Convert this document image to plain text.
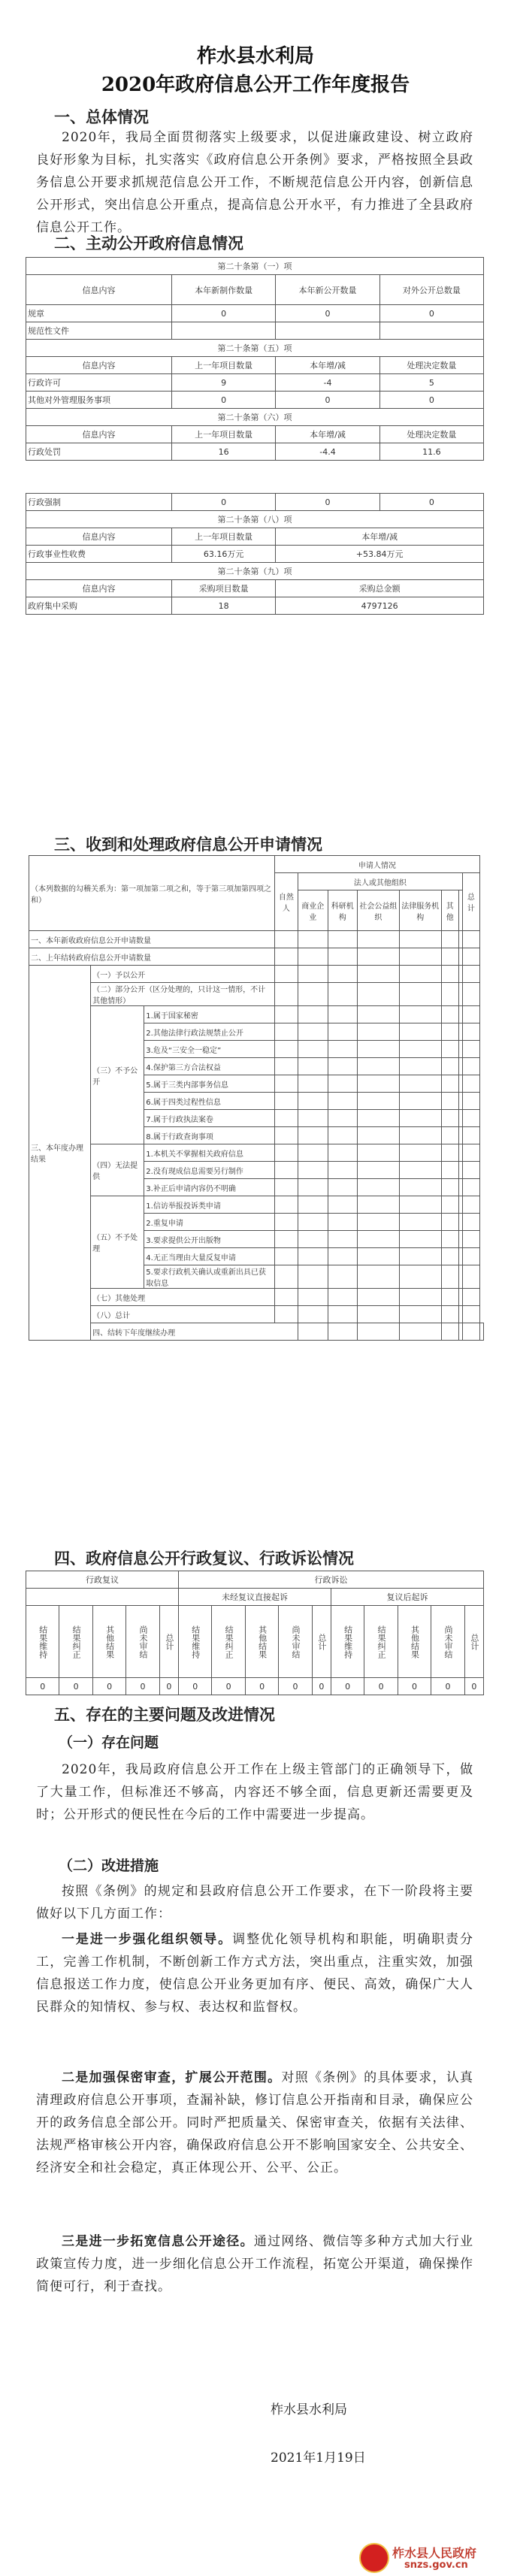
柞水县水利局
2020年政府信息公开工作年度报告
一、总体情况
2020年，我局全面贯彻落实上级要求，以促进廉政建设、树立政府良好形象为目标，扎实落实《政府信息公开条例》要求，严格按照全县政务信息公开要求抓规范信息公开工作，不断规范信息公开内容，创新信息公开形式，突出信息公开重点，提高信息公开水平，有力推进了全县政府信息公开工作。
二、主动公开政府信息情况
第二十条第（一）项			
信息内容	本年新制作数量	本年新公开数量	对外公开总数量
规章	0	0	0
规范性文件			
第二十条第（五）项			
信息内容	上一年项目数量	本年增/减	处理决定数量
行政许可	9	-4	5
其他对外管理服务事项	0	0	0
第二十条第（六）项			
信息内容	上一年项目数量	本年增/减	处理决定数量
行政处罚	16	-4.4	11.6

行政强制	0	0	0
第二十条第（八）项			
信息内容	上一年项目数量	本年增/减	
行政事业性收费	63.16万元	+53.84万元	
第二十条第（九）项			
信息内容	采购项目数量	采购总金额	
政府集中采购	18	4797126	
三、收到和处理政府信息公开申请情况
（本列数据的勾稽关系为：第一项加第二项之和，等于第三项加第四项之和）			申请人情况								
			自然人	法人或其他组织						总计	
				商业企业	科研机构	社会公益组织	法律服务机构	其他			
一、本年新收政府信息公开申请数量											
二、上年结转政府信息公开申请数量											
三、本年度办理结果	（一）予以公开										
	（二）部分公开（区分处理的，只计这一情形，不计其他情形）										
	（三）不予公开	1.属于国家秘密									
		2.其他法律行政法规禁止公开									
		3.危及“三安全一稳定”									
		4.保护第三方合法权益									
		5.属于三类内部事务信息									
		6.属于四类过程性信息									
		7.属于行政执法案卷									
		8.属于行政查询事项									
	（四）无法提供	1.本机关不掌握相关政府信息									
		2.没有现成信息需要另行制作									
		3.补正后申请内容仍不明确									
	（五）不予处理	1.信访举报投诉类申请									
		2.重复申请									
		3.要求提供公开出版物									
		4.无正当理由大量反复申请									
		5.要求行政机关确认或重新出具已获取信息									
	（七）其他处理										
	（八）总计										
	四、结转下年度继续办理										
四、政府信息公开行政复议、行政诉讼情况
行政复议					行政诉讼									
					未经复议直接起诉					复议后起诉				
结果维持	结果纠正	其他结果	尚未审结	总计	结果维持	结果纠正	其他结果	尚未审结	总计	结果维持	结果纠正	其他结果	尚未审结	总计
0	0	0	0	0	0	0	0	0	0	0	0	0	0	0
五、存在的主要问题及改进情况
（一）存在问题
2020年，我局政府信息公开工作在上级主管部门的正确领导下，做了大量工作，但标准还不够高，内容还不够全面，信息更新还需要更及时；公开形式的便民性在今后的工作中需要进一步提高。
（二）改进措施
按照《条例》的规定和县政府信息公开工作要求，在下一阶段将主要做好以下几方面工作：
一是进一步强化组织领导。调整优化领导机构和职能，明确职责分工，完善工作机制，不断创新工作方式方法，突出重点，注重实效，加强信息报送工作力度，使信息公开业务更加有序、便民、高效，确保广大人民群众的知情权、参与权、表达权和监督权。
二是加强保密审查，扩展公开范围。对照《条例》的具体要求，认真清理政府信息公开事项，查漏补缺，修订信息公开指南和目录，确保应公开的政务信息全部公开。同时严把质量关、保密审查关，依据有关法律、法规严格审核公开内容，确保政府信息公开不影响国家安全、公共安全、经济安全和社会稳定，真正体现公开、公平、公正。
三是进一步拓宽信息公开途径。通过网络、微信等多种方式加大行业政策宣传力度，进一步细化信息公开工作流程，拓宽公开渠道，确保操作简便可行，利于查找。
柞水县水利局
2021年1月19日
柞水县人民政府
snzs.gov.cn
